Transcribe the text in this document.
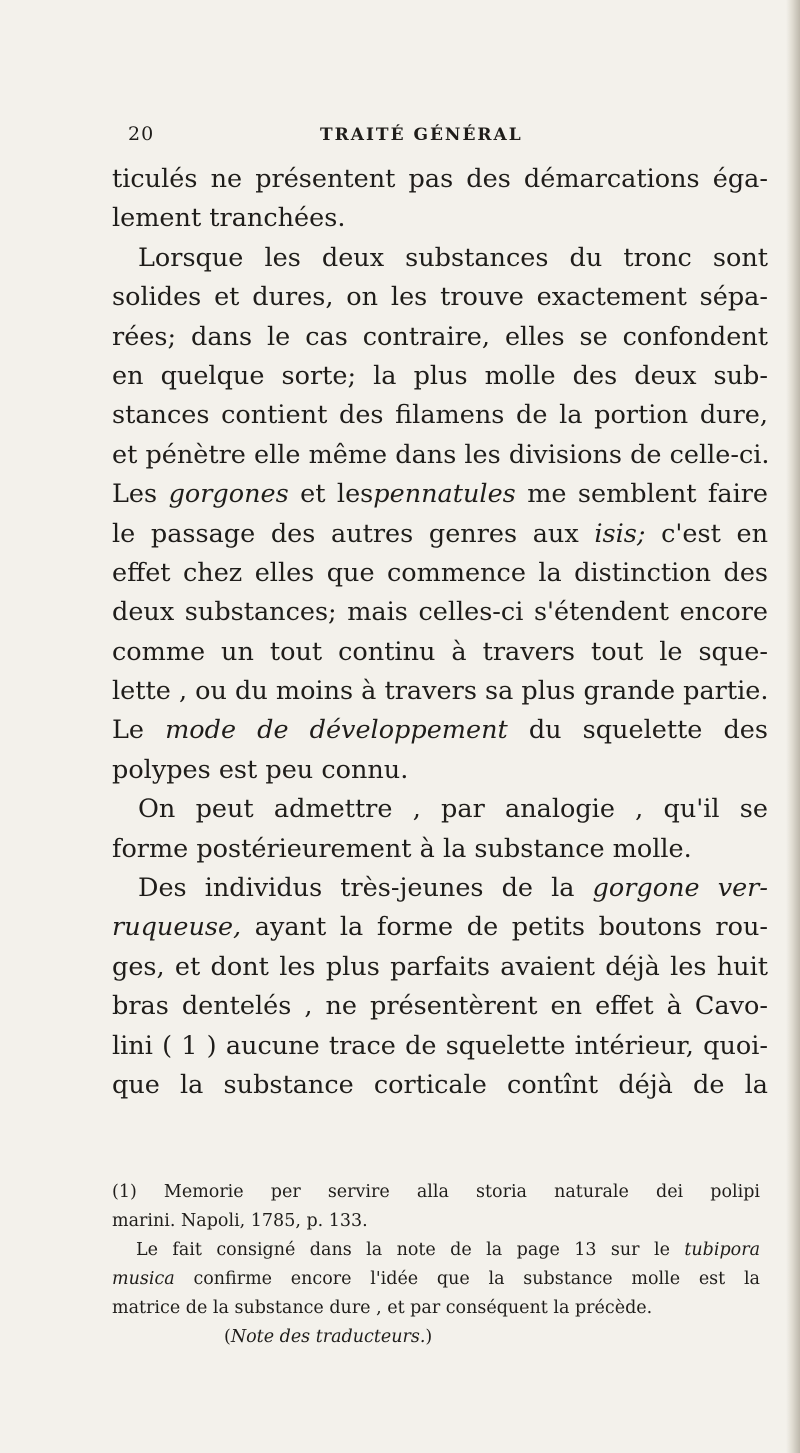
20	TRAITÉ GÉNÉRAL
ticulés ne présentent pas des démarcations éga-
lement tranchées.
Lorsque les deux substances du tronc sont
solides et dures, on les trouve exactement sépa-
rées; dans le cas contraire, elles se confondent
en quelque sorte; la plus molle des deux sub-
stances contient des filamens de la portion dure,
et pénètre elle même dans les divisions de celle-ci.
Les gorgones et lespennatules me semblent faire
le passage des autres genres aux isis; c'est en
effet chez elles que commence la distinction des
deux substances; mais celles-ci s'étendent encore
comme un tout continu à travers tout le sque-
lette , ou du moins à travers sa plus grande partie.
Le mode de développement du squelette des
polypes est peu connu.
On peut admettre , par analogie , qu'il se
forme postérieurement à la substance molle.
Des individus très-jeunes de la gorgone ver-
ruqueuse, ayant la forme de petits boutons rou-
ges, et dont les plus parfaits avaient déjà les huit
bras dentelés , ne présentèrent en effet à Cavo-
lini ( 1 ) aucune trace de squelette intérieur, quoi-
que la substance corticale contînt déjà de la
(1) Memorie per servire alla storia naturale dei polipi
marini. Napoli, 1785, p. 133.
Le fait consigné dans la note de la page 13 sur le tubipora
musica confirme encore l'idée que la substance molle est la
matrice de la substance dure , et par conséquent la précède.
(Note des traducteurs.)
